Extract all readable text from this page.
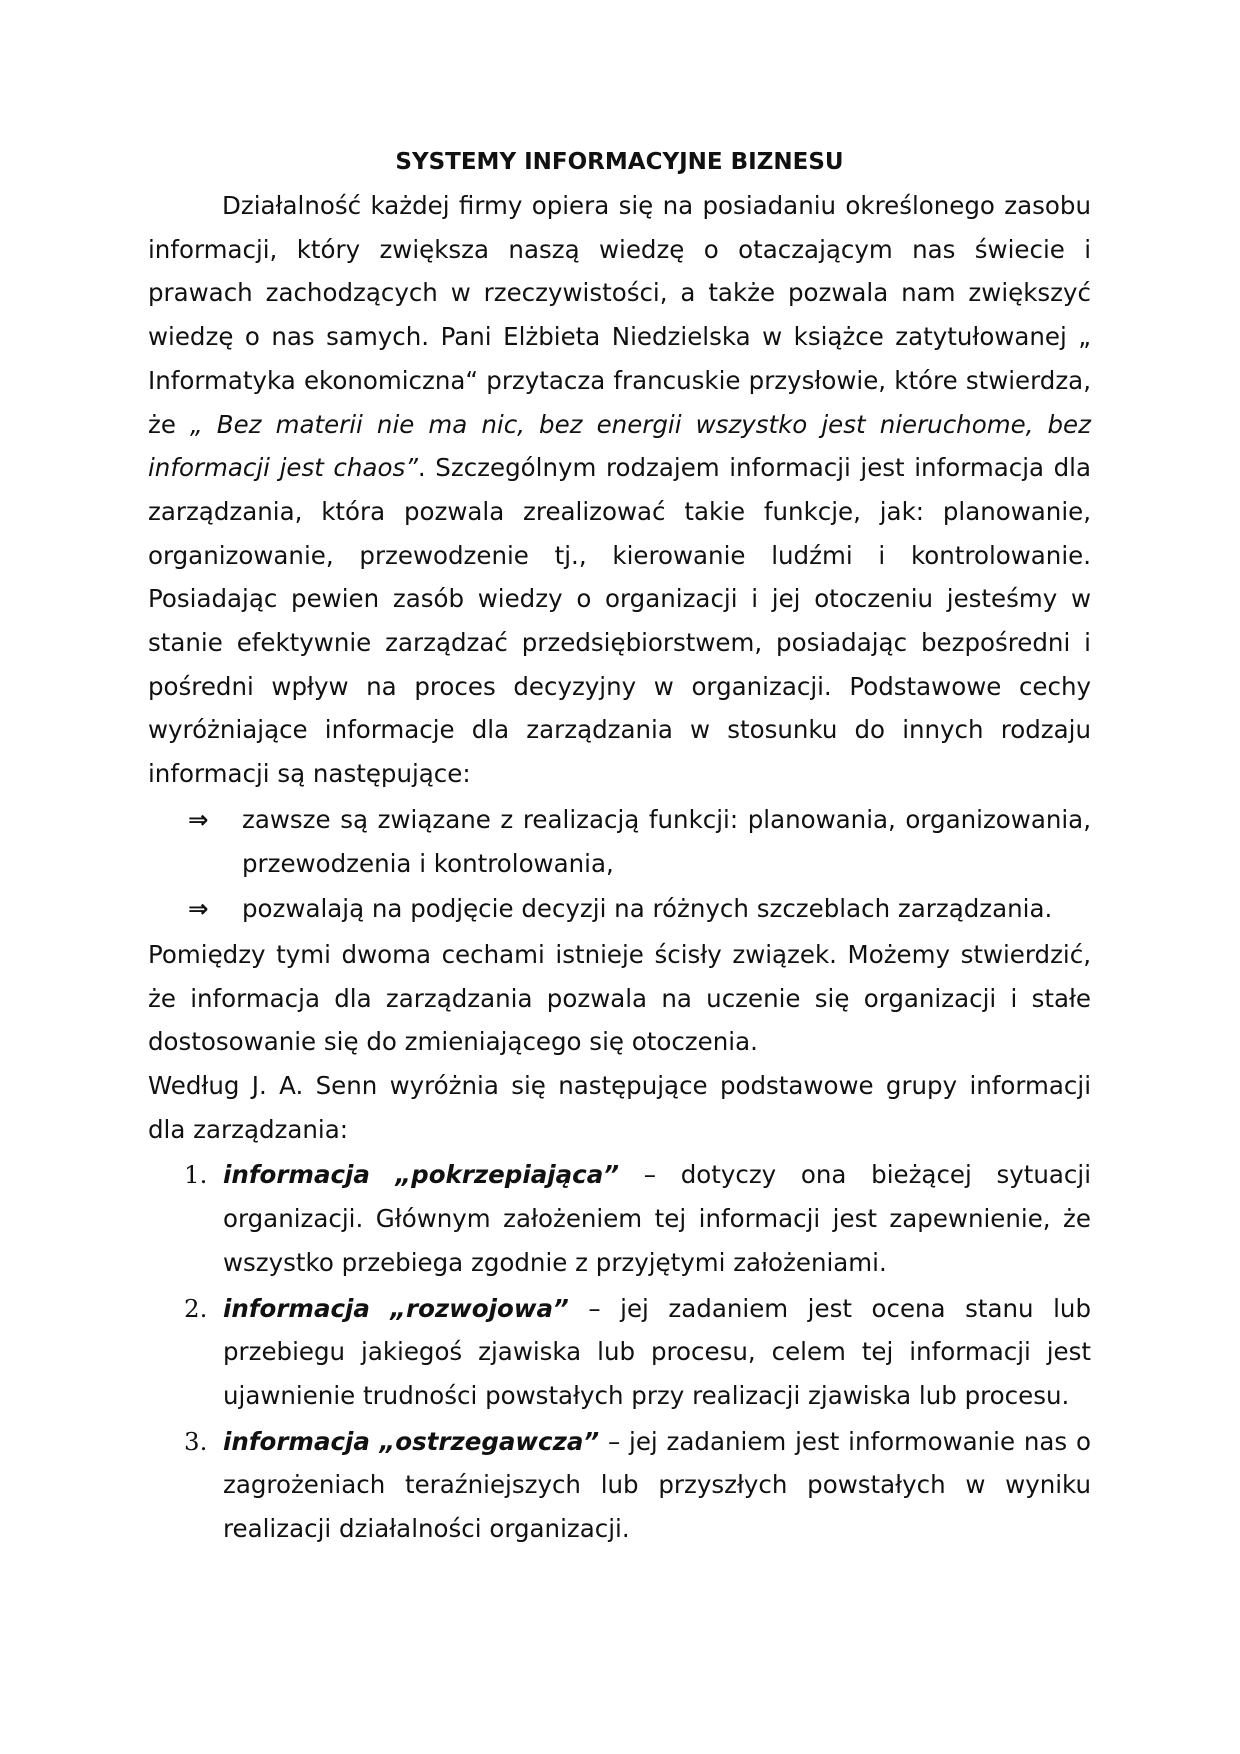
SYSTEMY INFORMACYJNE BIZNESU

Działalność każdej firmy opiera się na posiadaniu określonego zasobu informacji, który zwiększa naszą wiedzę o otaczającym nas świecie i prawach zachodzących w rzeczywistości, a także pozwala nam zwiększyć wiedzę o nas samych. Pani Elżbieta Niedzielska w książce zatytułowanej „ Informatyka ekonomiczna“ przytacza francuskie przysłowie, które stwierdza, że „ Bez materii nie ma nic, bez energii wszystko jest nieruchome, bez informacji jest chaos”. Szczególnym rodzajem informacji jest informacja dla zarządzania, która pozwala zrealizować takie funkcje, jak: planowanie, organizowanie, przewodzenie tj., kierowanie ludźmi i kontrolowanie. Posiadając pewien zasób wiedzy o organizacji i jej otoczeniu jesteśmy w stanie efektywnie zarządzać przedsiębiorstwem, posiadając bezpośredni i pośredni wpływ na proces decyzyjny w organizacji. Podstawowe cechy wyróżniające informacje dla zarządzania w stosunku do innych rodzaju informacji są następujące:

⇒ zawsze są związane z realizacją funkcji: planowania, organizowania, przewodzenia i kontrolowania,
⇒ pozwalają na podjęcie decyzji na różnych szczeblach zarządzania.

Pomiędzy tymi dwoma cechami istnieje ścisły związek. Możemy stwierdzić, że informacja dla zarządzania pozwala na uczenie się organizacji i stałe dostosowanie się do zmieniającego się otoczenia.

Według J. A. Senn wyróżnia się następujące podstawowe grupy informacji dla zarządzania:

1. informacja „pokrzepiająca” – dotyczy ona bieżącej sytuacji organizacji. Głównym założeniem tej informacji jest zapewnienie, że wszystko przebiega zgodnie z przyjętymi założeniami.
2. informacja „rozwojowa” – jej zadaniem jest ocena stanu lub przebiegu jakiegoś zjawiska lub procesu, celem tej informacji jest ujawnienie trudności powstałych przy realizacji zjawiska lub procesu.
3. informacja „ostrzegawcza” – jej zadaniem jest informowanie nas o zagrożeniach teraźniejszych lub przyszłych powstałych w wyniku realizacji działalności organizacji.
